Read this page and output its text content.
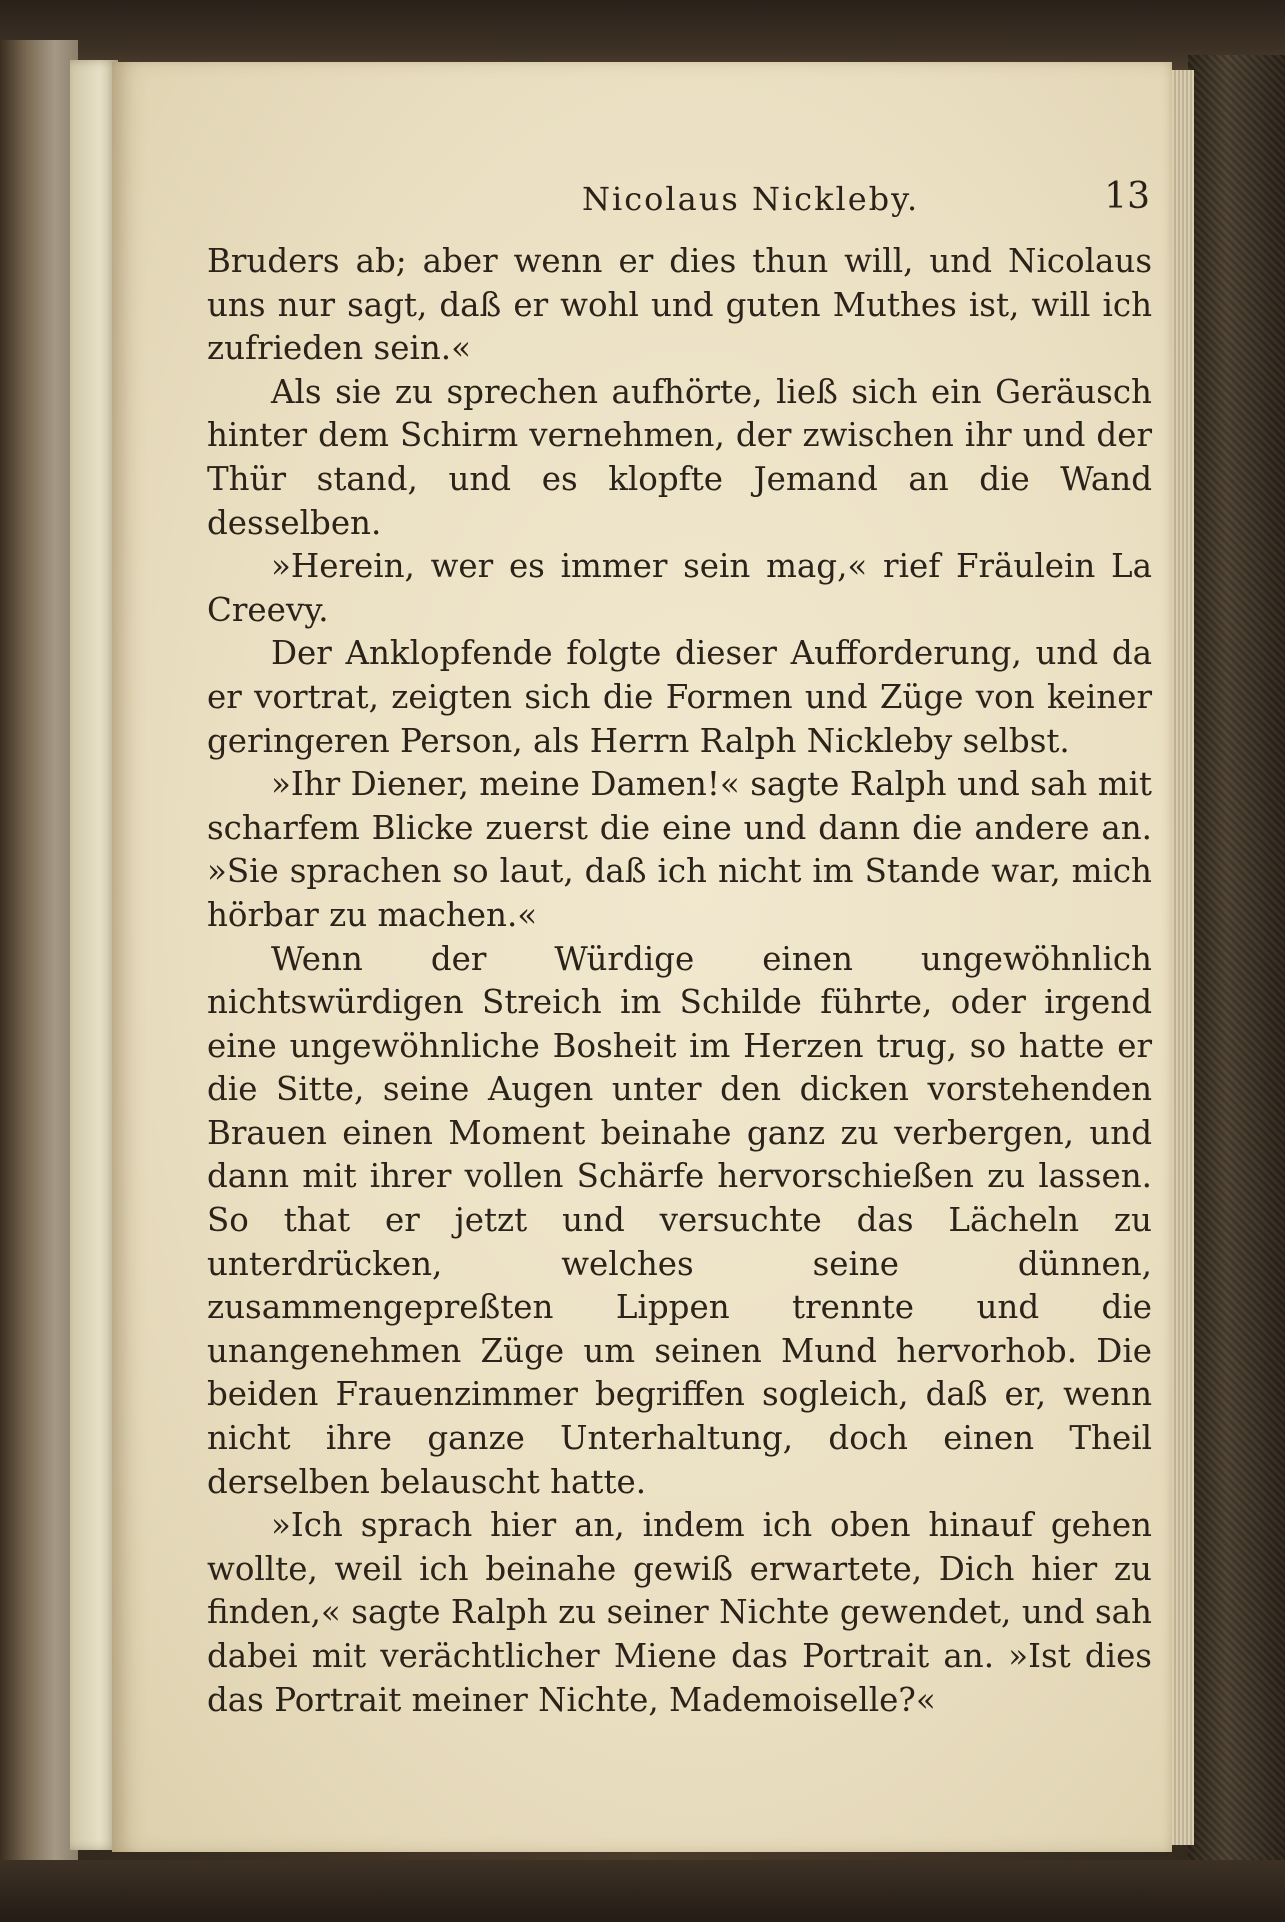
Nicolaus Nickleby.	13

Bruders ab; aber wenn er dies thun will, und Nicolaus uns nur sagt, daß er wohl und guten Muthes ist, will ich zufrieden sein.«

Als sie zu sprechen aufhörte, ließ sich ein Geräusch hinter dem Schirm vernehmen, der zwischen ihr und der Thür stand, und es klopfte Jemand an die Wand desselben.

»Herein, wer es immer sein mag,« rief Fräulein La Creevy.

Der Anklopfende folgte dieser Aufforderung, und da er vortrat, zeigten sich die Formen und Züge von keiner geringeren Person, als Herrn Ralph Nickleby selbst.

»Ihr Diener, meine Damen!« sagte Ralph und sah mit scharfem Blicke zuerst die eine und dann die andere an. »Sie sprachen so laut, daß ich nicht im Stande war, mich hörbar zu machen.«

Wenn der Würdige einen ungewöhnlich nichtswürdigen Streich im Schilde führte, oder irgend eine ungewöhnliche Bosheit im Herzen trug, so hatte er die Sitte, seine Augen unter den dicken vorstehenden Brauen einen Moment beinahe ganz zu verbergen, und dann mit ihrer vollen Schärfe hervorschießen zu lassen. So that er jetzt und versuchte das Lächeln zu unterdrücken, welches seine dünnen, zusammengepreßten Lippen trennte und die unangenehmen Züge um seinen Mund hervorhob. Die beiden Frauenzimmer begriffen sogleich, daß er, wenn nicht ihre ganze Unterhaltung, doch einen Theil derselben belauscht hatte.

»Ich sprach hier an, indem ich oben hinauf gehen wollte, weil ich beinahe gewiß erwartete, Dich hier zu finden,« sagte Ralph zu seiner Nichte gewendet, und sah dabei mit verächtlicher Miene das Portrait an. »Ist dies das Portrait meiner Nichte, Mademoiselle?«
